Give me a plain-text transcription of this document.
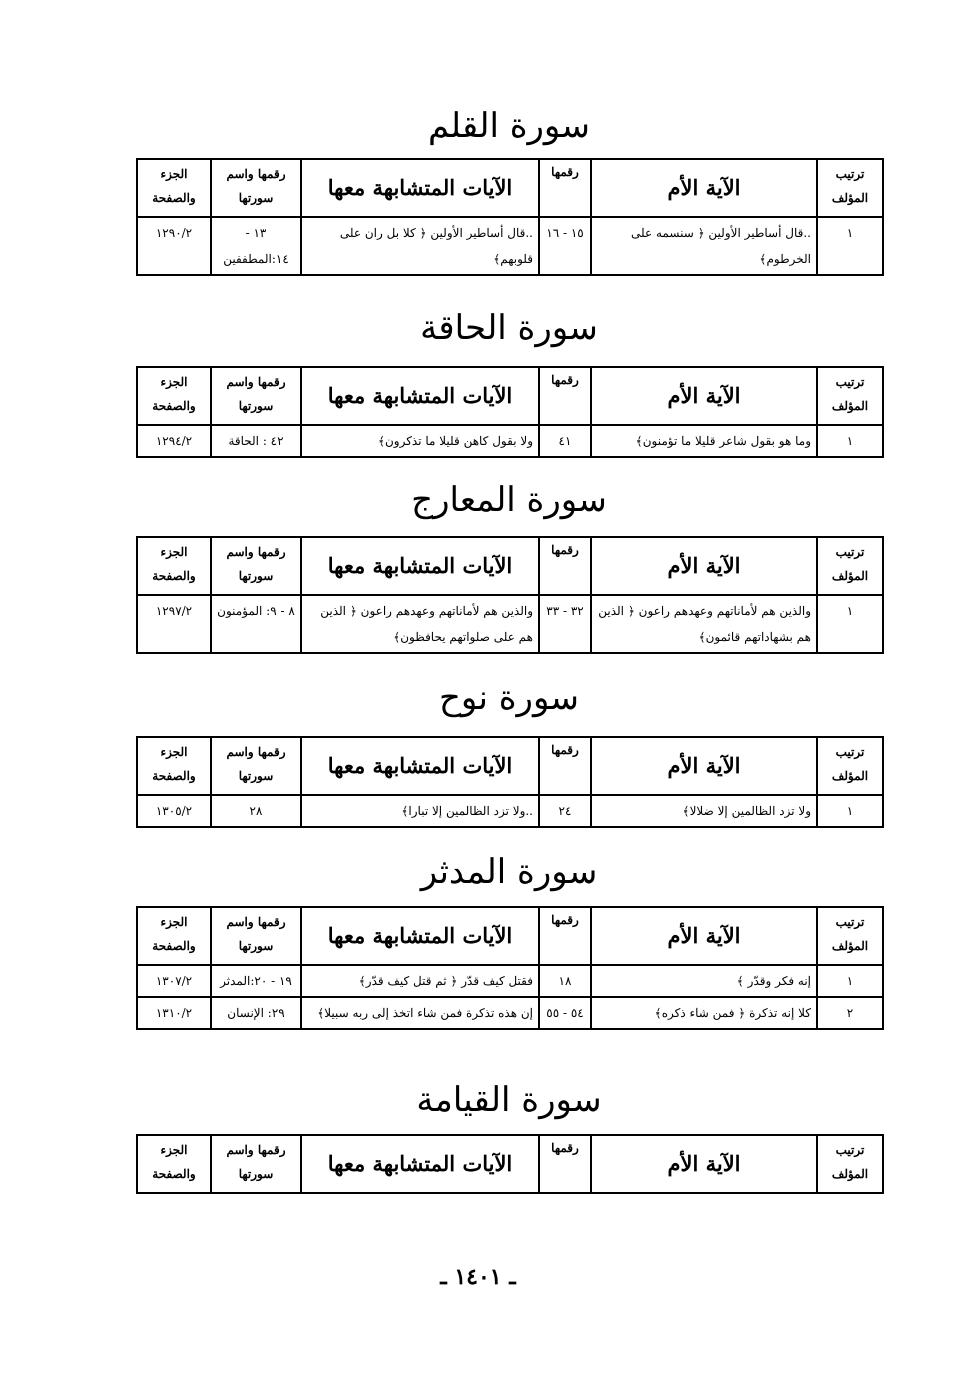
سورة القلم
ترتيب المؤلف	الآية الأم	رقمها	الآيات المتشابهة معها	رقمها واسم سورتها	الجزء والصفحة
١	..قال أساطير الأولين ﴿ سنسمه على الخرطوم﴾	١٥ - ١٦	..قال أساطير الأولين ﴿ كلا بل ران على قلوبهم﴾	١٣ - ١٤:المطففين	١٢٩٠/٢
سورة الحاقة
ترتيب المؤلف	الآية الأم	رقمها	الآيات المتشابهة معها	رقمها واسم سورتها	الجزء والصفحة
١	وما هو بقول شاعر قليلا ما تؤمنون﴾	٤١	ولا بقول كاهن قليلا ما تذكرون﴾	٤٢ : الحاقة	١٢٩٤/٢
سورة المعارج
ترتيب المؤلف	الآية الأم	رقمها	الآيات المتشابهة معها	رقمها واسم سورتها	الجزء والصفحة
١	والذين هم لأماناتهم وعهدهم راعون ﴿ الذين هم بشهاداتهم قائمون﴾	٣٢ - ٣٣	والذين هم لأماناتهم وعهدهم راعون ﴿ الذين هم على صلواتهم يحافظون﴾	٨ - ٩: المؤمنون	١٢٩٧/٢
سورة نوح
ترتيب المؤلف	الآية الأم	رقمها	الآيات المتشابهة معها	رقمها واسم سورتها	الجزء والصفحة
١	ولا تزد الظالمين إلا ضلالا﴾	٢٤	..ولا تزد الظالمين إلا تبارا﴾	٢٨	١٣٠٥/٢
سورة المدثر
ترتيب المؤلف	الآية الأم	رقمها	الآيات المتشابهة معها	رقمها واسم سورتها	الجزء والصفحة
١	إنه فكر وقدّر ﴾	١٨	فقتل كيف قدّر ﴿ ثم قتل كيف قدّر﴾	١٩ - ٢٠:المدثر	١٣٠٧/٢
٢	كلا إنه تذكرة ﴿ فمن شاء ذكره﴾	٥٤ - ٥٥	إن هذه تذكرة فمن شاء اتخذ إلى ربه سبيلا﴾	٢٩: الإنسان	١٣١٠/٢
سورة القيامة
ترتيب المؤلف	الآية الأم	رقمها	الآيات المتشابهة معها	رقمها واسم سورتها	الجزء والصفحة
ـ ١٤٠١ ـ
